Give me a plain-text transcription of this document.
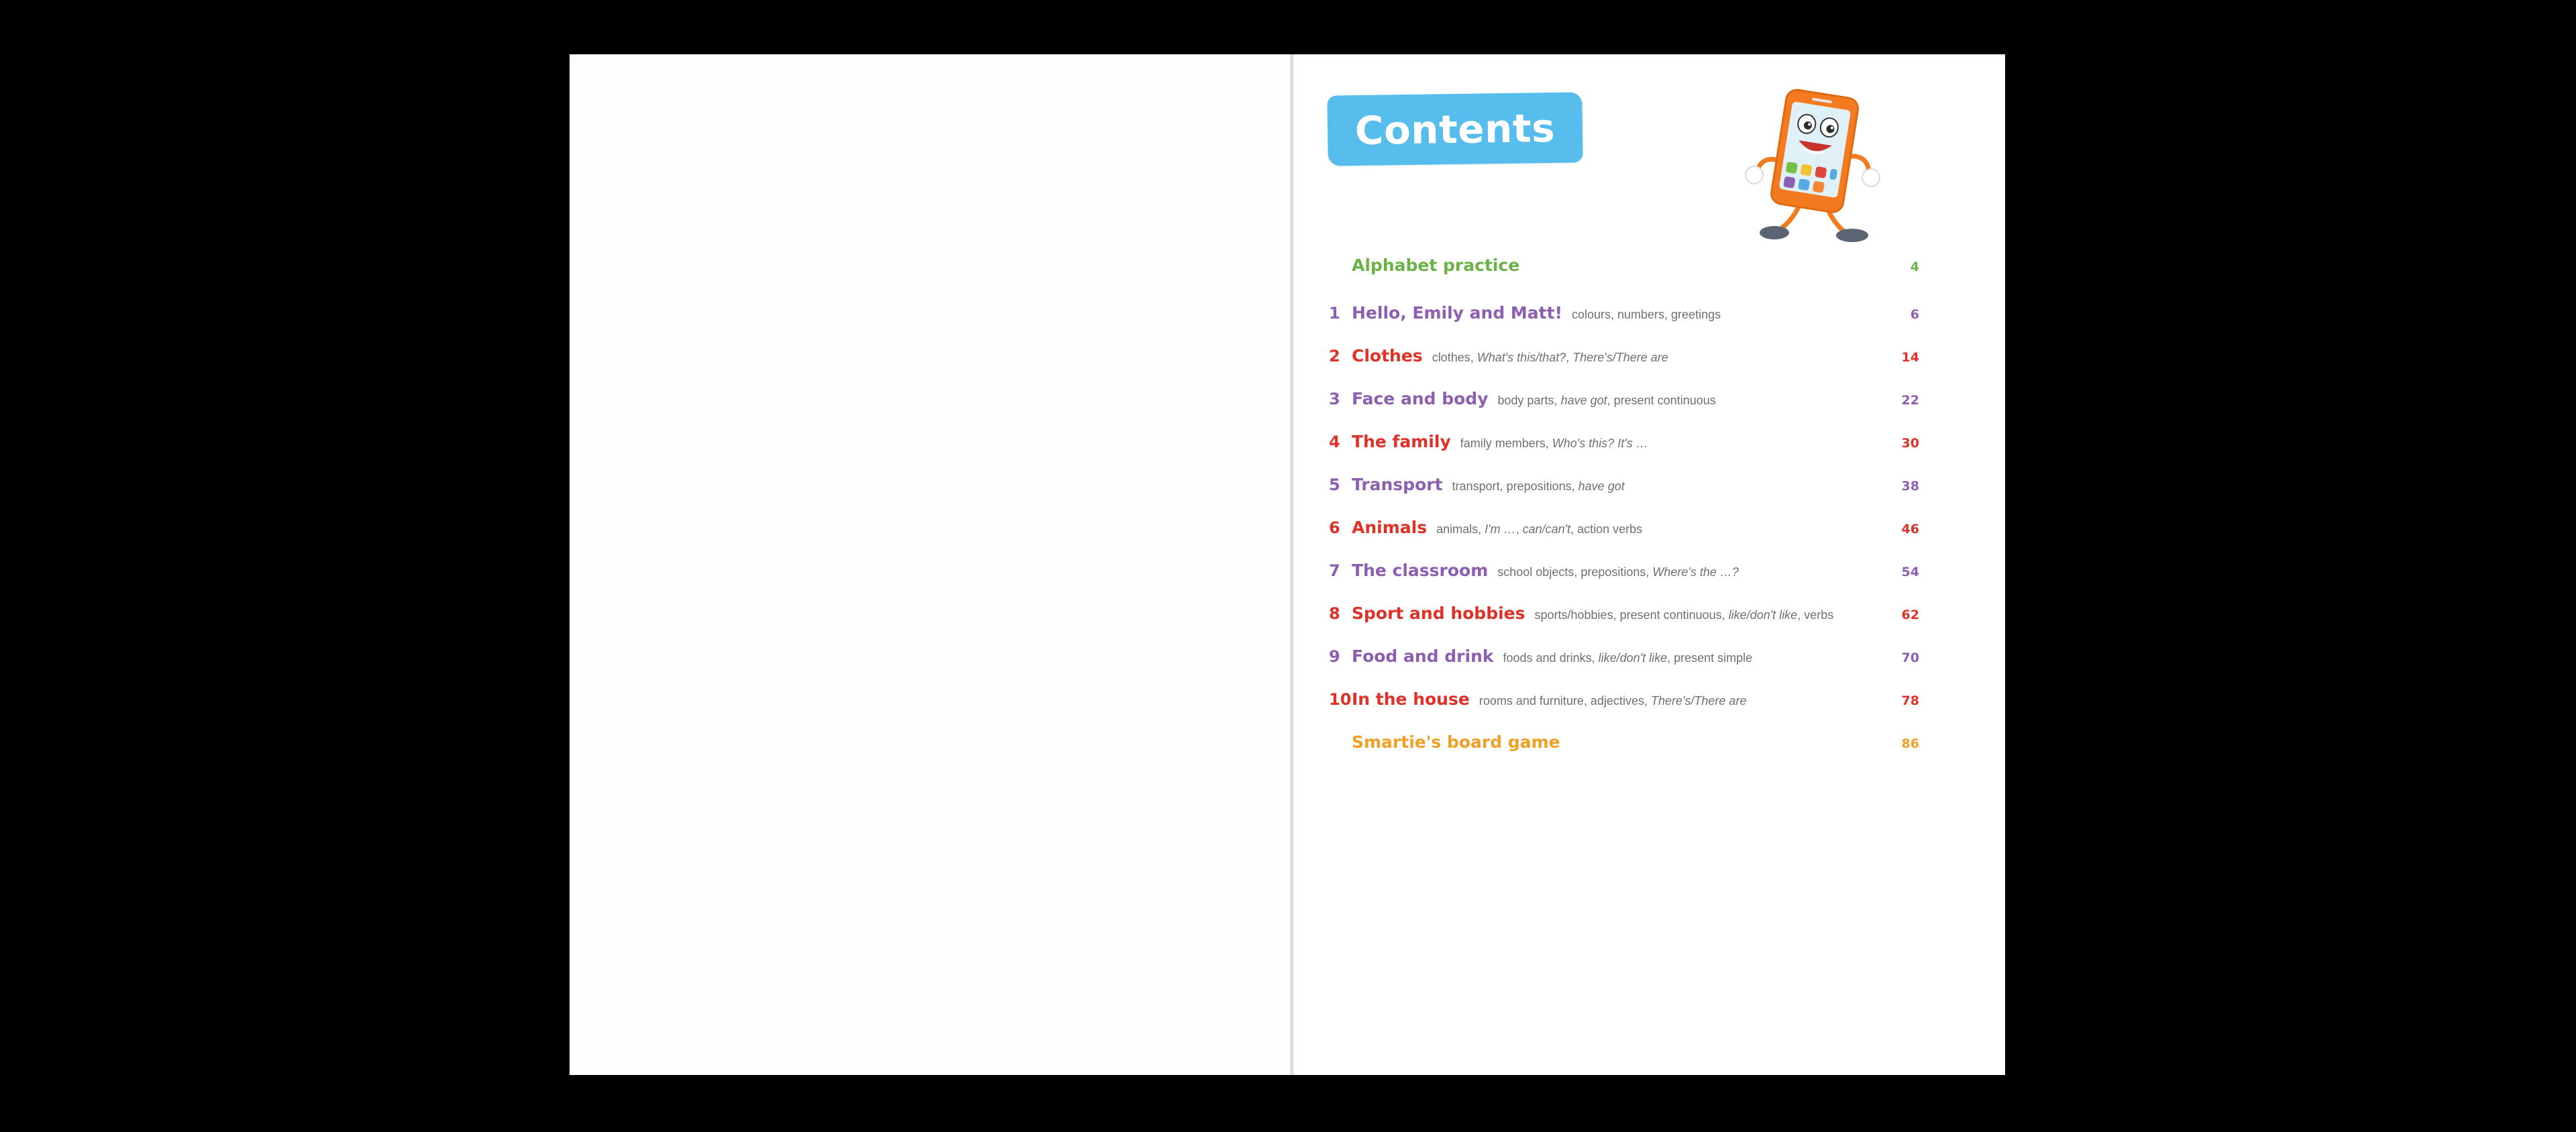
Contents
Alphabet practice	4
1 Hello, Emily and Matt! colours, numbers, greetings	6
2 Clothes clothes, What's this/that?, There's/There are	14
3 Face and body body parts, have got, present continuous	22
4 The family family members, Who's this? It's …	30
5 Transport transport, prepositions, have got	38
6 Animals animals, I'm …, can/can't, action verbs	46
7 The classroom school objects, prepositions, Where's the …?	54
8 Sport and hobbies sports/hobbies, present continuous, like/don't like, verbs	62
9 Food and drink foods and drinks, like/don't like, present simple	70
10 In the house rooms and furniture, adjectives, There's/There are	78
Smartie's board game	86
